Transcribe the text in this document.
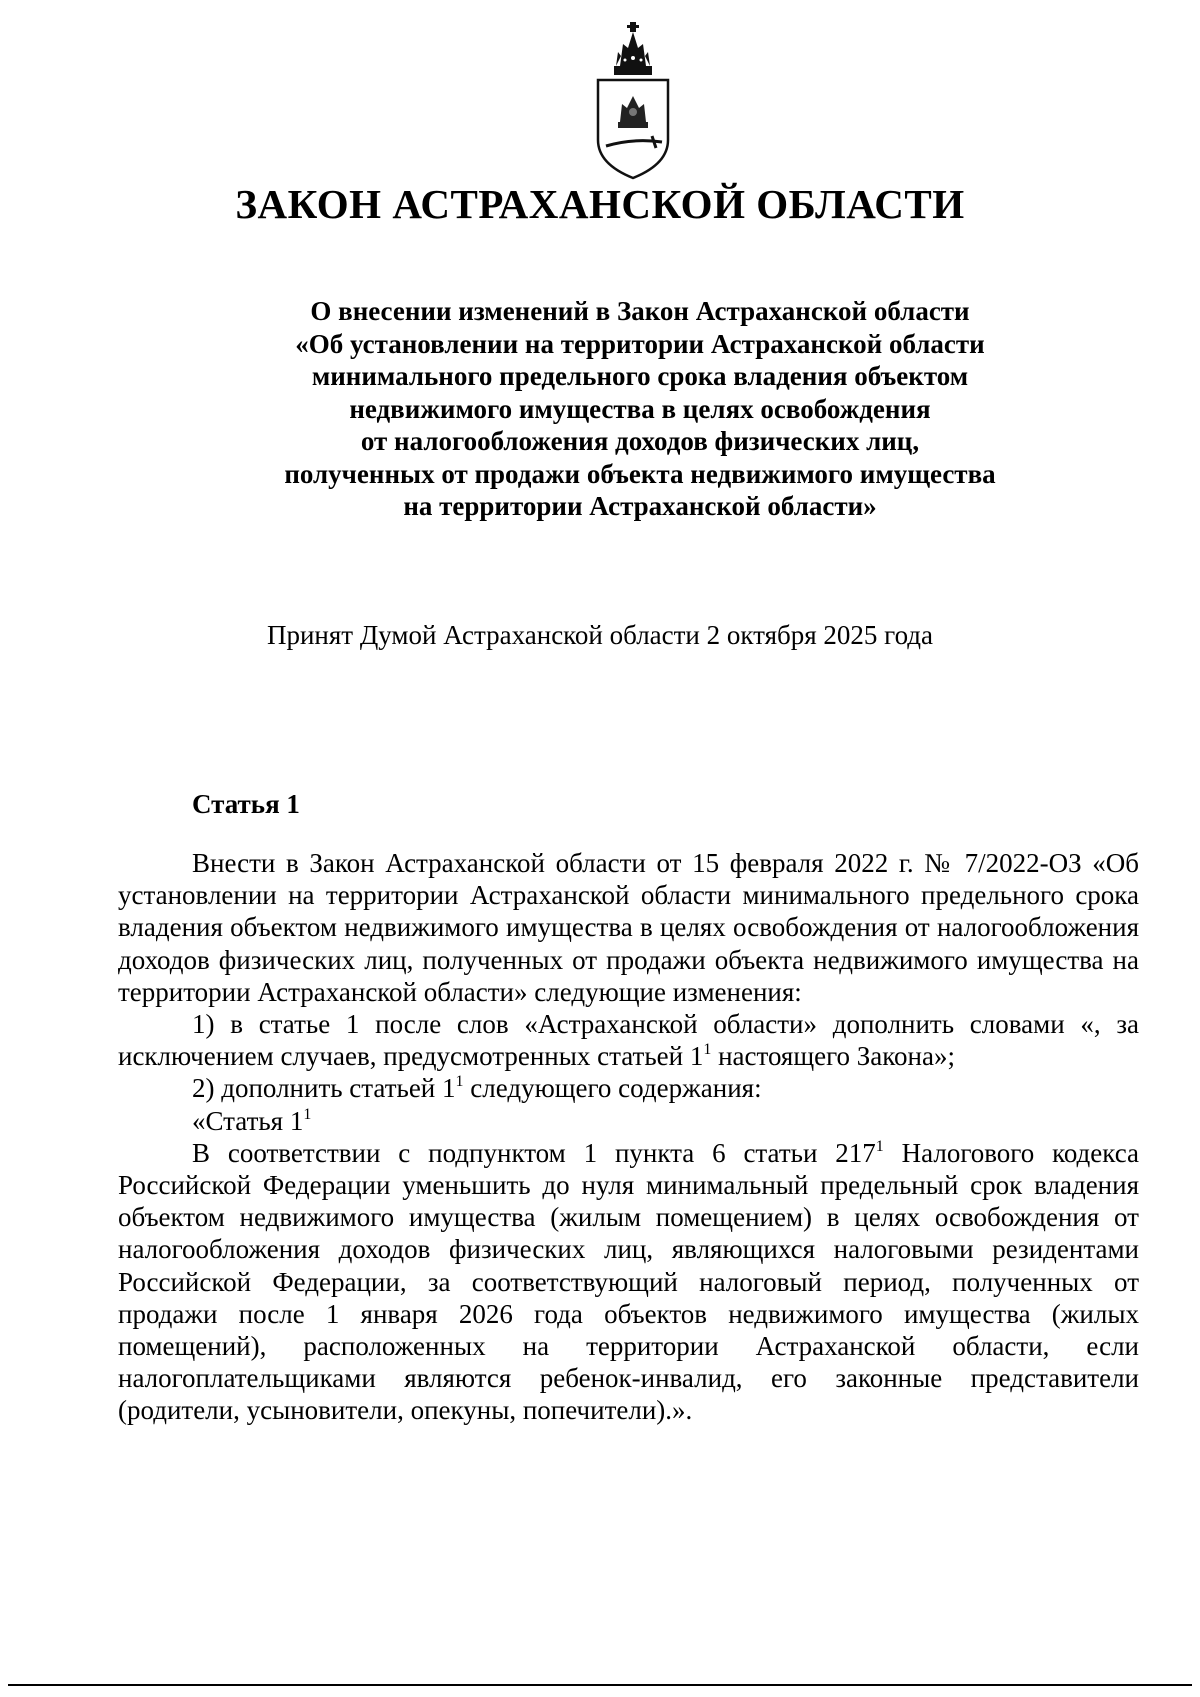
ЗАКОН АСТРАХАНСКОЙ ОБЛАСТИ
О внесении изменений в Закон Астраханской области
«Об установлении на территории Астраханской области
минимального предельного срока владения объектом
недвижимого имущества в целях освобождения
от налогообложения доходов физических лиц,
полученных от продажи объекта недвижимого имущества
на территории Астраханской области»
Принят Думой Астраханской области 2 октября 2025 года
Статья 1

Внести в Закон Астраханской области от 15 февраля 2022 г. № 7/2022-ОЗ «Об установлении на территории Астраханской области минимального предельного срока владения объектом недвижимого имущества в целях освобождения от налогообложения доходов физических лиц, полученных от продажи объекта недвижимого имущества на территории Астраханской области» следующие изменения:

1) в статье 1 после слов «Астраханской области» дополнить словами «, за исключением случаев, предусмотренных статьей $1^1$ настоящего Закона»;

2) дополнить статьей $1^1$ следующего содержания:

«Статья $1^1$

В соответствии с подпунктом 1 пункта 6 статьи $217^1$ Налогового кодекса Российской Федерации уменьшить до нуля минимальный предельный срок владения объектом недвижимого имущества (жилым помещением) в целях освобождения от налогообложения доходов физических лиц, являющихся налоговыми резидентами Российской Федерации, за соответствующий налоговый период, полученных от продажи после 1 января 2026 года объектов недвижимого имущества (жилых помещений), расположенных на территории Астраханской области, если налогоплательщиками являются ребенок-инвалид, его законные представители (родители, усыновители, опекуны, попечители).».
